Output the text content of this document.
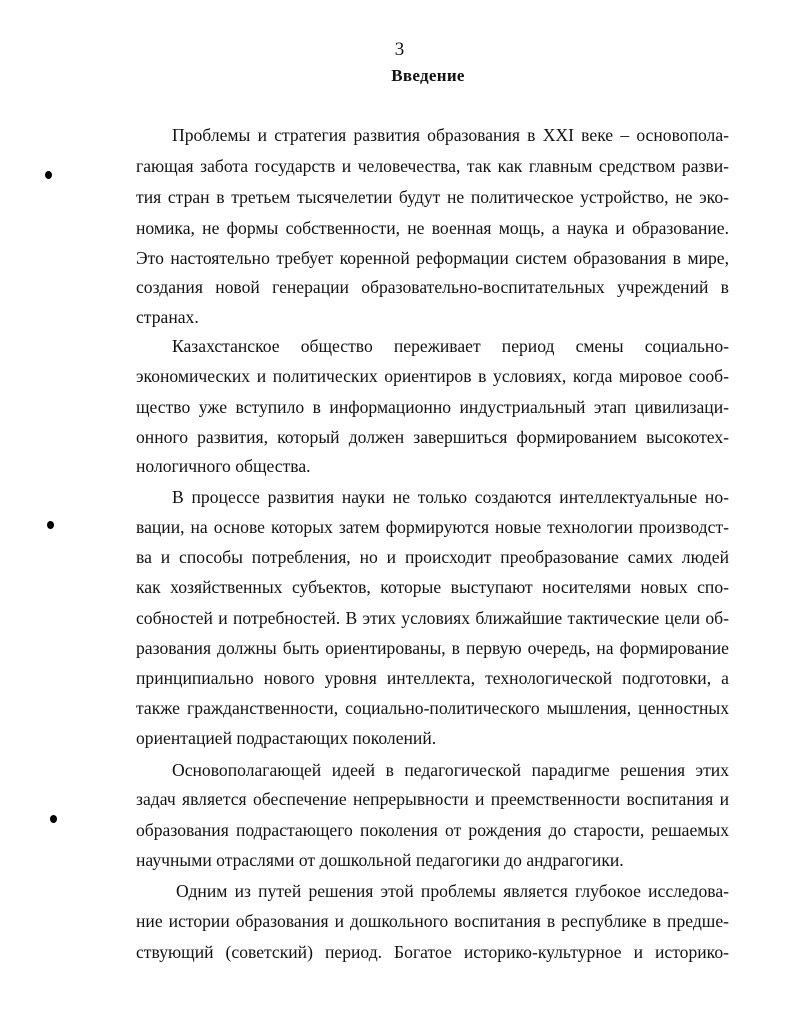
3
Введение
Проблемы и стратегия развития образования в XXI веке – основопола-
гающая забота государств и человечества, так как главным средством разви-
тия стран в третьем тысячелетии будут не политическое устройство, не эко-
номика, не формы собственности, не военная мощь, а наука и образование.
Это настоятельно требует коренной реформации систем образования в мире,
создания новой генерации образовательно-воспитательных учреждений в
странах.
Казахстанское общество переживает период смены социально-
экономических и политических ориентиров в условиях, когда мировое сооб-
щество уже вступило в информационно индустриальный этап цивилизаци-
онного развития, который должен завершиться формированием высокотех-
нологичного общества.
В процессе развития науки не только создаются интеллектуальные но-
вации, на основе которых затем формируются новые технологии производст-
ва и способы потребления, но и происходит преобразование самих людей
как хозяйственных субъектов, которые выступают носителями новых спо-
собностей и потребностей. В этих условиях ближайшие тактические цели об-
разования должны быть ориентированы, в первую очередь, на формирование
принципиально нового уровня интеллекта, технологической подготовки, а
также гражданственности, социально-политического мышления, ценностных
ориентацией подрастающих поколений.
Основополагающей идеей в педагогической парадигме решения этих
задач является обеспечение непрерывности и преемственности воспитания и
образования подрастающего поколения от рождения до старости, решаемых
научными отраслями от дошкольной педагогики до андрагогики.
Одним из путей решения этой проблемы является глубокое исследова-
ние истории образования и дошкольного воспитания в республике в предше-
ствующий (советский) период. Богатое историко-культурное и историко-
